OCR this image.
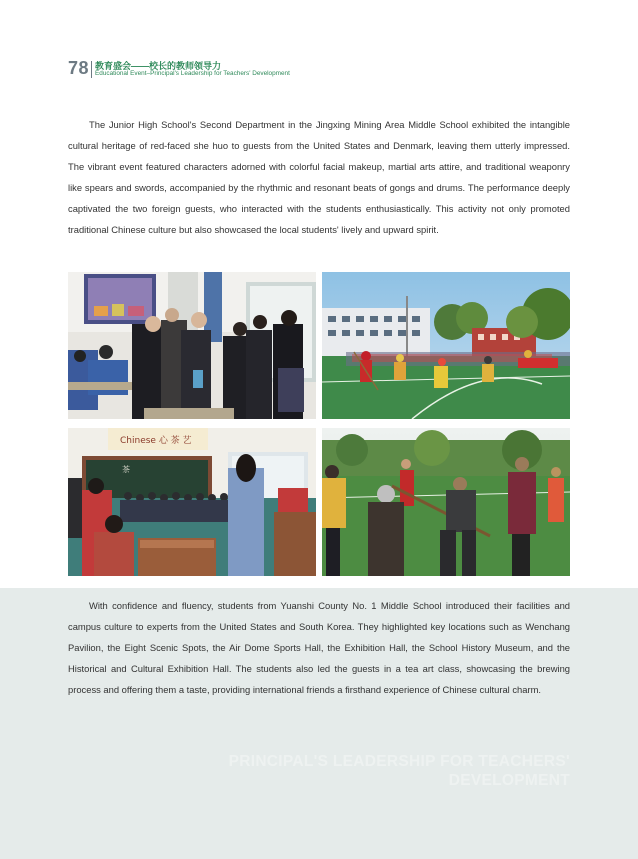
78 教育盛会——校长的教师领导力
Educational Event–Principal's Leadership for Teachers' Development

The Junior High School's Second Department in the Jingxing Mining Area Middle School exhibited the intangible cultural heritage of red-faced she huo to guests from the United States and Denmark, leaving them utterly impressed. The vibrant event featured characters adorned with colorful facial makeup, martial arts attire, and traditional weaponry like spears and swords, accompanied by the rhythmic and resonant beats of gongs and drums. The performance deeply captivated the two foreign guests, who interacted with the students enthusiastically. This activity not only promoted traditional Chinese culture but also showcased the local students' lively and upward spirit.

Chinese 心 茶 艺
茶

With confidence and fluency, students from Yuanshi County No. 1 Middle School introduced their facilities and campus culture to experts from the United States and South Korea. They highlighted key locations such as Wenchang Pavilion, the Eight Scenic Spots, the Air Dome Sports Hall, the Exhibition Hall, the School History Museum, and the Historical and Cultural Exhibition Hall. The students also led the guests in a tea art class, showcasing the brewing process and offering them a taste, providing international friends a firsthand experience of Chinese cultural charm.

PRINCIPAL'S LEADERSHIP FOR TEACHERS'
DEVELOPMENT
